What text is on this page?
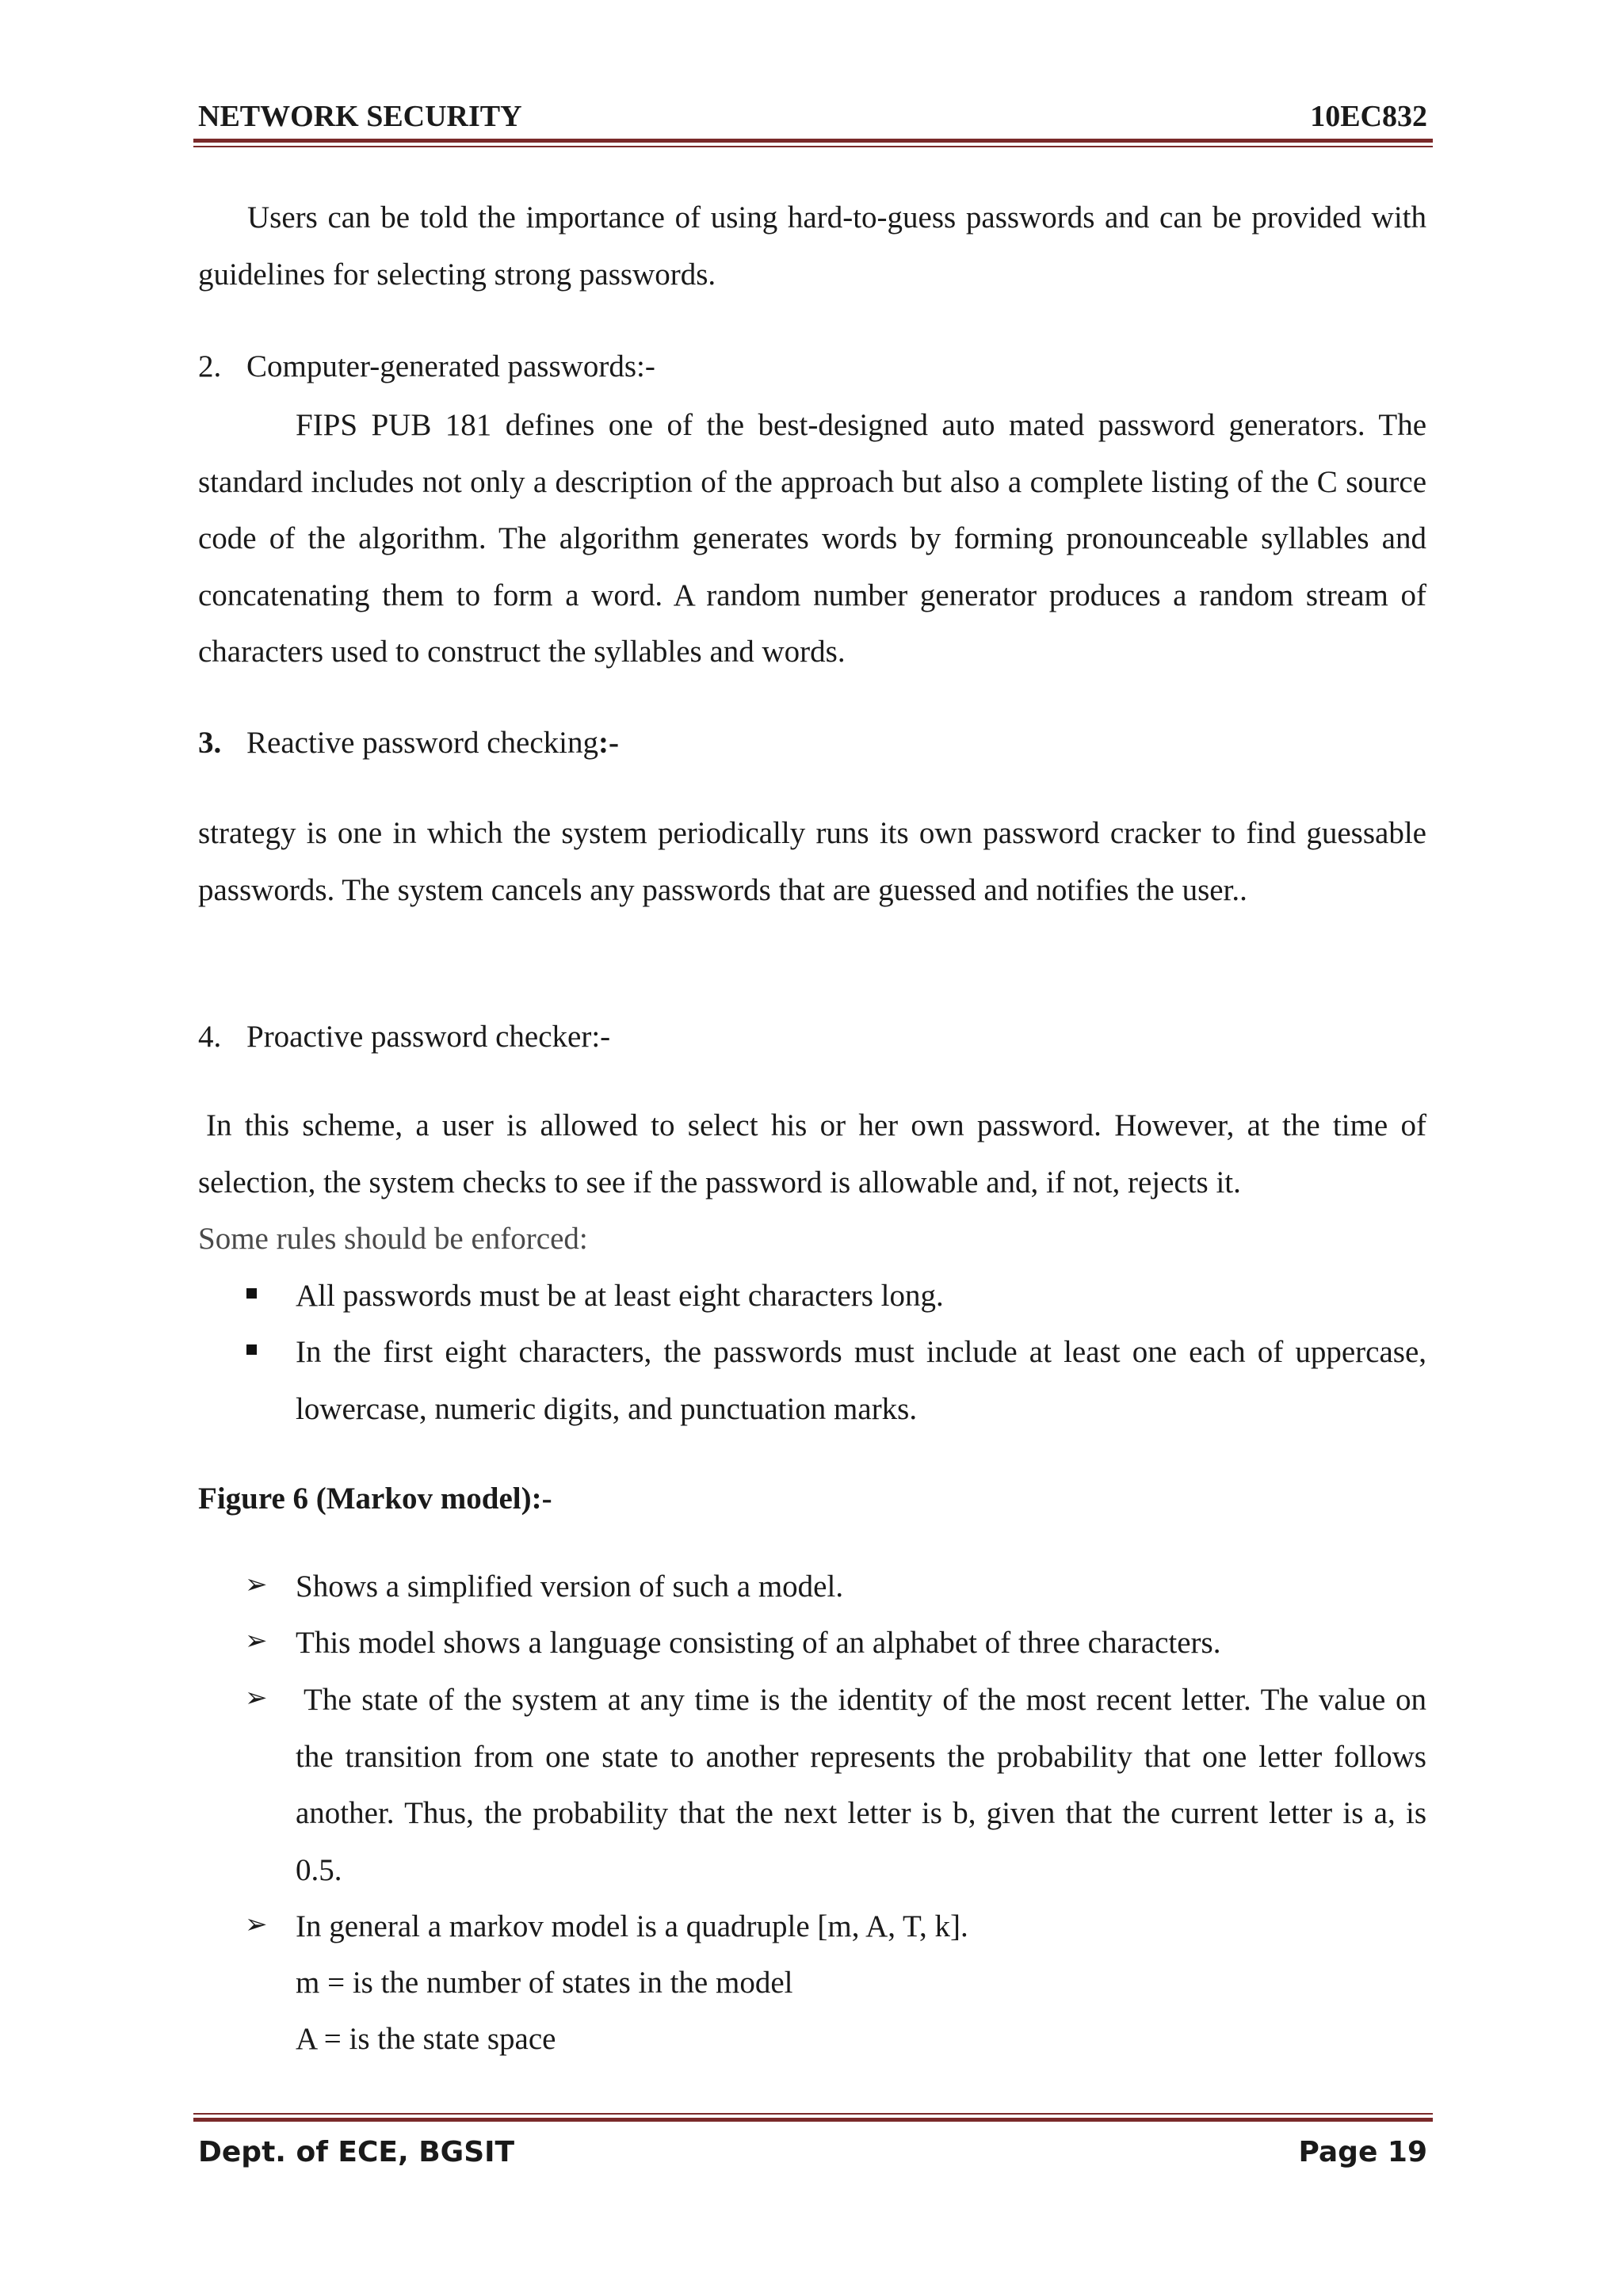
NETWORK SECURITY	10EC832
Users can be told the importance of using hard-to-guess passwords and can be provided with guidelines for selecting strong passwords.
2. Computer-generated passwords:-
FIPS PUB 181 defines one of the best-designed auto mated password generators. The standard includes not only a description of the approach but also a complete listing of the C source code of the algorithm. The algorithm generates words by forming pronounceable syllables and concatenating them to form a word. A random number generator produces a random stream of characters used to construct the syllables and words.
3. Reactive password checking:-
strategy is one in which the system periodically runs its own password cracker to find guessable passwords. The system cancels any passwords that are guessed and notifies the user..
4. Proactive password checker:-
In this scheme, a user is allowed to select his or her own password. However, at the time of selection, the system checks to see if the password is allowable and, if not, rejects it.
Some rules should be enforced:
All passwords must be at least eight characters long.
In the first eight characters, the passwords must include at least one each of uppercase, lowercase, numeric digits, and punctuation marks.
Figure 6 (Markov model):-
➢ Shows a simplified version of such a model.
➢ This model shows a language consisting of an alphabet of three characters.
➢ The state of the system at any time is the identity of the most recent letter. The value on the transition from one state to another represents the probability that one letter follows another. Thus, the probability that the next letter is b, given that the current letter is a, is 0.5.
➢ In general a markov model is a quadruple [m, A, T, k].
m = is the number of states in the model
A = is the state space
Dept. of ECE, BGSIT	Page 19
